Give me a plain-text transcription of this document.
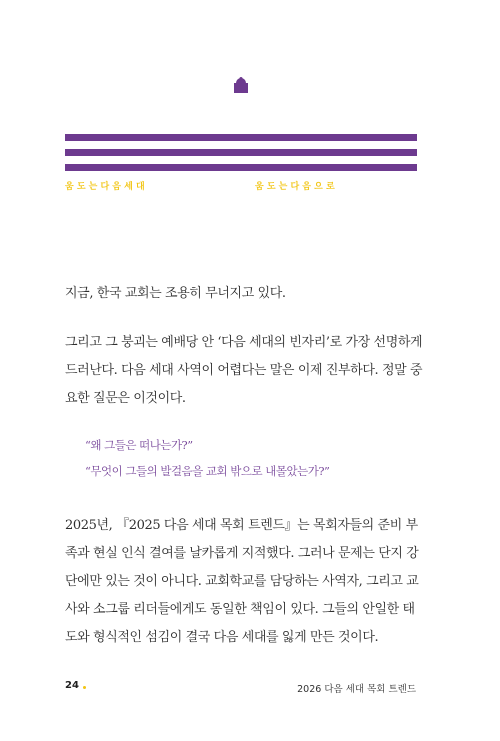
움 도 는 다 음 세 대	움 도 는 다 음 으 로

지금, 한국 교회는 조용히 무너지고 있다.

그리고 그 붕괴는 예배당 안 ‘다음 세대의 빈자리’로 가장 선명하게 드러난다. 다음 세대 사역이 어렵다는 말은 이제 진부하다. 정말 중요한 질문은 이것이다.

“왜 그들은 떠나는가?”

“무엇이 그들의 발걸음을 교회 밖으로 내몰았는가?”

2025년, 『2025 다음 세대 목회 트렌드』는 목회자들의 준비 부족과 현실 인식 결여를 날카롭게 지적했다. 그러나 문제는 단지 강단에만 있는 것이 아니다. 교회학교를 담당하는 사역자, 그리고 교사와 소그룹 리더들에게도 동일한 책임이 있다. 그들의 안일한 태도와 형식적인 섬김이 결국 다음 세대를 잃게 만든 것이다.

24	2026 다음 세대 목회 트렌드
